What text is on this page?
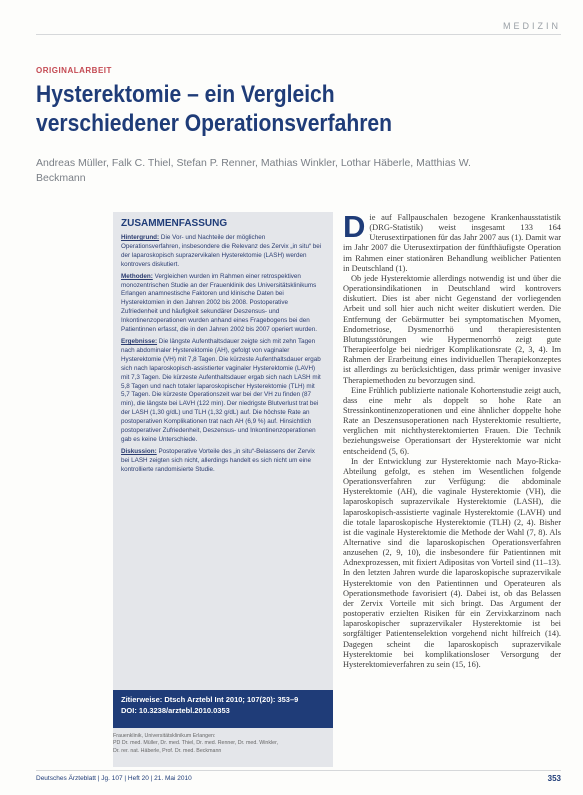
MEDIZIN
ORIGINALARBEIT
Hysterektomie – ein Vergleich verschiedener Operationsverfahren
Andreas Müller, Falk C. Thiel, Stefan P. Renner, Mathias Winkler, Lothar Häberle, Matthias W. Beckmann
ZUSAMMENFASSUNG

Hintergrund: Die Vor- und Nachteile der möglichen Operationsverfahren, insbesondere die Relevanz des Zervix „in situ“ bei der laparoskopisch suprazervikalen Hysterektomie (LASH) werden kontrovers diskutiert.

Methoden: Vergleichen wurden im Rahmen einer retrospektiven monozentrischen Studie an der Frauenklinik des Universitätsklinikums Erlangen anamnestische Faktoren und klinische Daten bei Hysterektomien in den Jahren 2002 bis 2008. Postoperative Zufriedenheit und häufigkeit sekundärer Deszensus- und Inkontinenzoperationen wurden anhand eines Fragebogens bei den Patientinnen erfasst, die in den Jahren 2002 bis 2007 operiert wurden.

Ergebnisse: Die längste Aufenthaltsdauer zeigte sich mit zehn Tagen nach abdominaler Hysterektomie (AH), gefolgt von vaginaler Hysterektomie (VH) mit 7,8 Tagen. Die kürzeste Aufenthaltsdauer ergab sich nach laparoskopisch-assistierter vaginaler Hysterektomie (LAVH) mit 7,3 Tagen. Die kürzeste Aufenthaltsdauer ergab sich nach LASH mit 5,8 Tagen und nach totaler laparoskopischer Hysterektomie (TLH) mit 5,7 Tagen. Die kürzeste Operationszeit war bei der VH zu finden (87 min), die längste bei LAVH (122 min). Der niedrigste Blutverlust trat bei der LASH (1,30 g/dL) und TLH (1,32 g/dL) auf. Die höchste Rate an postoperativen Komplikationen trat nach AH (6,9 %) auf. Hinsichtlich postoperativer Zufriedenheit, Deszensus- und Inkontinenzoperationen gab es keine Unterschiede.

Diskussion: Postoperative Vorteile des „in situ“-Belassens der Zervix bei LASH zeigten sich nicht, allerdings handelt es sich nicht um eine kontrollierte randomisierte Studie.

Zitierweise: Dtsch Arztebl Int 2010; 107(20): 353–9
DOI: 10.3238/arztebl.2010.0353
Frauenklinik, Universitätsklinikum Erlangen:
PD Dr. med. Müller, Dr. med. Thiel, Dr. med. Renner, Dr. med. Winkler,
Dr. rer. nat. Häberle, Prof. Dr. med. Beckmann

Die auf Fallpauschalen bezogene Krankenhausstatistik (DRG-Statistik) weist insgesamt 133 164 Uterusextirpationen für das Jahr 2007 aus (1). Damit war im Jahr 2007 die Uterusextirpation der fünfthäufigste Operation im Rahmen einer stationären Behandlung weiblicher Patienten in Deutschland (1).

Ob jede Hysterektomie allerdings notwendig ist und über die Operationsindikationen in Deutschland wird kontrovers diskutiert. Dies ist aber nicht Gegenstand der vorliegenden Arbeit und soll hier auch nicht weiter diskutiert werden. Die Entfernung der Gebärmutter bei symptomatischen Myomen, Endometriose, Dysmenorrhö und therapieresistenten Blutungsstörungen wie Hypermenorrhö zeigt gute Therapieerfolge bei niedriger Komplikationsrate (2, 3, 4). Im Rahmen der Erarbeitung eines individuellen Therapiekonzeptes ist allerdings zu berücksichtigen, dass primär weniger invasive Therapiemethoden zu bevorzugen sind.

Eine Frühlich publizierte nationale Kohortenstudie zeigt auch, dass eine mehr als doppelt so hohe Rate an Stressinkontinenzoperationen und eine ähnlicher doppelte hohe Rate an Deszensusoperationen nach Hysterektomie resultierte, verglichen mit nichthysterektomierten Frauen. Die Technik beziehungsweise Operationsart der Hysterektomie war nicht entscheidend (5, 6).

In der Entwicklung zur Hysterektomie nach Mayo-Ricka-Abteilung gefolgt, es stehen im Wesentlichen folgende Operationsverfahren zur Verfügung: die abdominale Hysterektomie (AH), die vaginale Hysterektomie (VH), die laparoskopisch suprazervikale Hysterektomie (LASH), die laparoskopisch-assistierte vaginale Hysterektomie (LAVH) und die totale laparoskopische Hysterektomie (TLH) (2, 4). Bisher ist die vaginale Hysterektomie die Methode der Wahl (7, 8). Als Alternative sind die laparoskopischen Operationsverfahren anzusehen (2, 9, 10), die insbesondere für Patientinnen mit Adnexprozessen, mit fixiert Adipositas von Vorteil sind (11–13). In den letzten Jahren wurde die laparoskopische suprazervikale Hysterektomie von den Patientinnen und Operateuren als Operationsmethode favorisiert (4). Dabei ist, ob das Belassen der Zervix Vorteile mit sich bringt. Das Argument der postoperativ erzielten Risiken für ein Zervixkarzinom nach laparoskopischer suprazervikaler Hysterektomie ist bei sorgfältiger Patientenselektion vorgehend nicht hilfreich (14). Dagegen scheint die laparoskopisch suprazervikale Hysterektomie bei komplikationsloser Versorgung der Hysterektomieverfahren zu sein (15, 16).

Deutsches Ärzteblatt | Jg. 107 | Heft 20 | 21. Mai 2010	353
